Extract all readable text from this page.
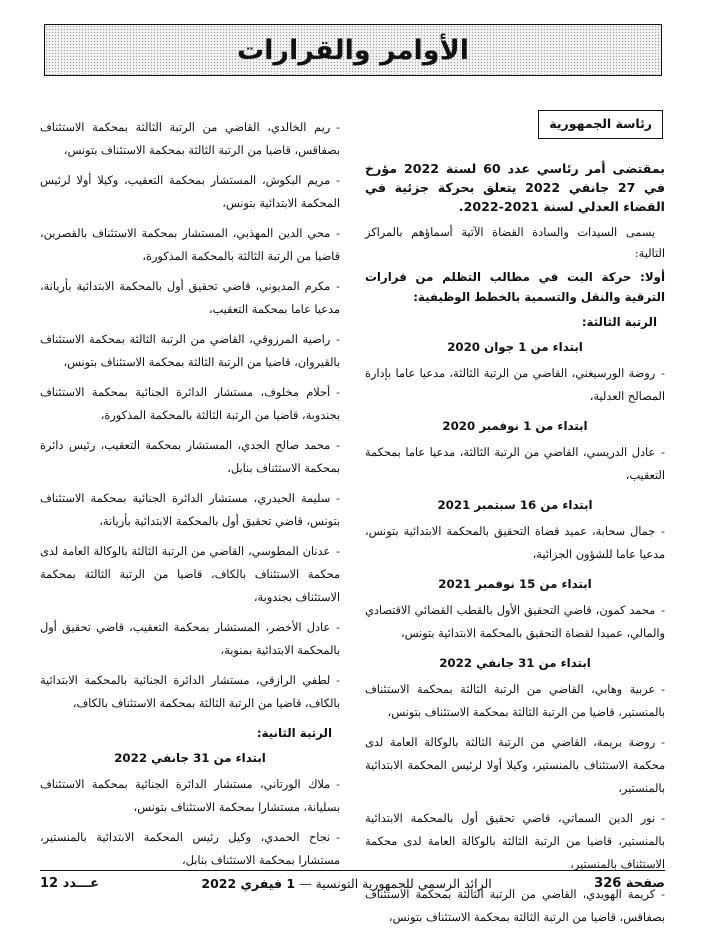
الأوامر والقرارات
رئاسة الجمهورية

بمقتضى أمر رئاسي عدد 60 لسنة 2022 مؤرخ في 27 جانفي 2022 يتعلق بحركة جزئية في القضاء العدلي لسنة 2021-2022.

يسمى السيدات والسادة القضاة الآتية أسماؤهم بالمراكز التالية:

أولا: حركة البت في مطالب التظلم من قرارات الترقية والنقل والتسمية بالخطط الوظيفية:

الرتبة الثالثة:

ابتداء من 1 جوان 2020

-روضة الورسيغني، القاضي من الرتبة الثالثة، مدعيا عاما بإدارة المصالح العدلية،

ابتداء من 1 نوفمبر 2020

-عادل الدريسي، القاضي من الرتبة الثالثة، مدعيا عاما بمحكمة التعقيب،

ابتداء من 16 سبتمبر 2021

-جمال سحابة، عميد قضاة التحقيق بالمحكمة الابتدائية بتونس، مدعيا عاما للشؤون الجزائية،

ابتداء من 15 نوفمبر 2021

-محمد كمون، قاضي التحقيق الأول بالقطب القضائي الاقتصادي والمالي، عميدا لقضاة التحقيق بالمحكمة الابتدائية بتونس،

ابتداء من 31 جانفي 2022

-عربية وهابي، القاضي من الرتبة الثالثة بمحكمة الاستئناف بالمنستير، قاضيا من الرتبة الثالثة بمحكمة الاستئناف بتونس،

-روضة بريمة، القاضي من الرتبة الثالثة بالوكالة العامة لدى محكمة الاستئناف بالمنستير، وكيلا أولا لرئيس المحكمة الابتدائية بالمنستير،

-نور الدين السماتي، قاضي تحقيق أول بالمحكمة الابتدائية بالمنستير، قاضيا من الرتبة الثالثة بالوكالة العامة لدى محكمة الاستئناف بالمنستير،

-كريمة الهويدي، القاضي من الرتبة الثالثة بمحكمة الاستئناف بصفاقس، قاضيا من الرتبة الثالثة بمحكمة الاستئناف بتونس،

-ريم الخالدي، القاضي من الرتبة الثالثة بمحكمة الاستئناف بصفاقس، قاضيا من الرتبة الثالثة بمحكمة الاستئناف بتونس،

-مريم البكوش، المستشار بمحكمة التعقيب، وكيلا أولا لرئيس المحكمة الابتدائية بتونس،

-محي الدين المهذبي، المستشار بمحكمة الاستئناف بالقصرين، قاضيا من الرتبة الثالثة بالمحكمة المذكورة،

-مكرم المديوني، قاضي تحقيق أول بالمحكمة الابتدائية بأريانة، مدعيا عاما بمحكمة التعقيب،

-راضية المرزوقي، القاضي من الرتبة الثالثة بمحكمة الاستئناف بالقيروان، قاضيا من الرتبة الثالثة بمحكمة الاستئناف بتونس،

-أحلام مخلوف، مستشار الدائرة الجنائية بمحكمة الاستئناف بجندوبة، قاضيا من الرتبة الثالثة بالمحكمة المذكورة،

-محمد صالح الجدي، المستشار بمحكمة التعقيب، رئيس دائرة بمحكمة الاستئناف بنابل،

-سليمة الحيدري، مستشار الدائرة الجنائية بمحكمة الاستئناف بتونس، قاضي تحقيق أول بالمحكمة الابتدائية بأريانة،

-عدنان المطوسي، القاضي من الرتبة الثالثة بالوكالة العامة لدى محكمة الاستئناف بالكاف، قاضيا من الرتبة الثالثة بمحكمة الاستئناف بجندوبة،

-عادل الأخضر، المستشار بمحكمة التعقيب، قاضي تحقيق أول بالمحكمة الابتدائية بمنوبة،

-لطفي الرازقي، مستشار الدائرة الجنائية بالمحكمة الابتدائية بالكاف، قاضيا من الرتبة الثالثة بمحكمة الاستئناف بالكاف،

الرتبة الثانية:

ابتداء من 31 جانفي 2022

-ملاك الورتاني، مستشار الدائرة الجنائية بمحكمة الاستئناف بسليانة، مستشارا بمحكمة الاستئناف بتونس،

-نجاح الحمدي، وكيل رئيس المحكمة الابتدائية بالمنستير، مستشارا بمحكمة الاستئناف بنابل،

صفحة 326
الرائد الرسمي للجمهورية التونسية — 1 فيفري 2022
عـــدد 12
